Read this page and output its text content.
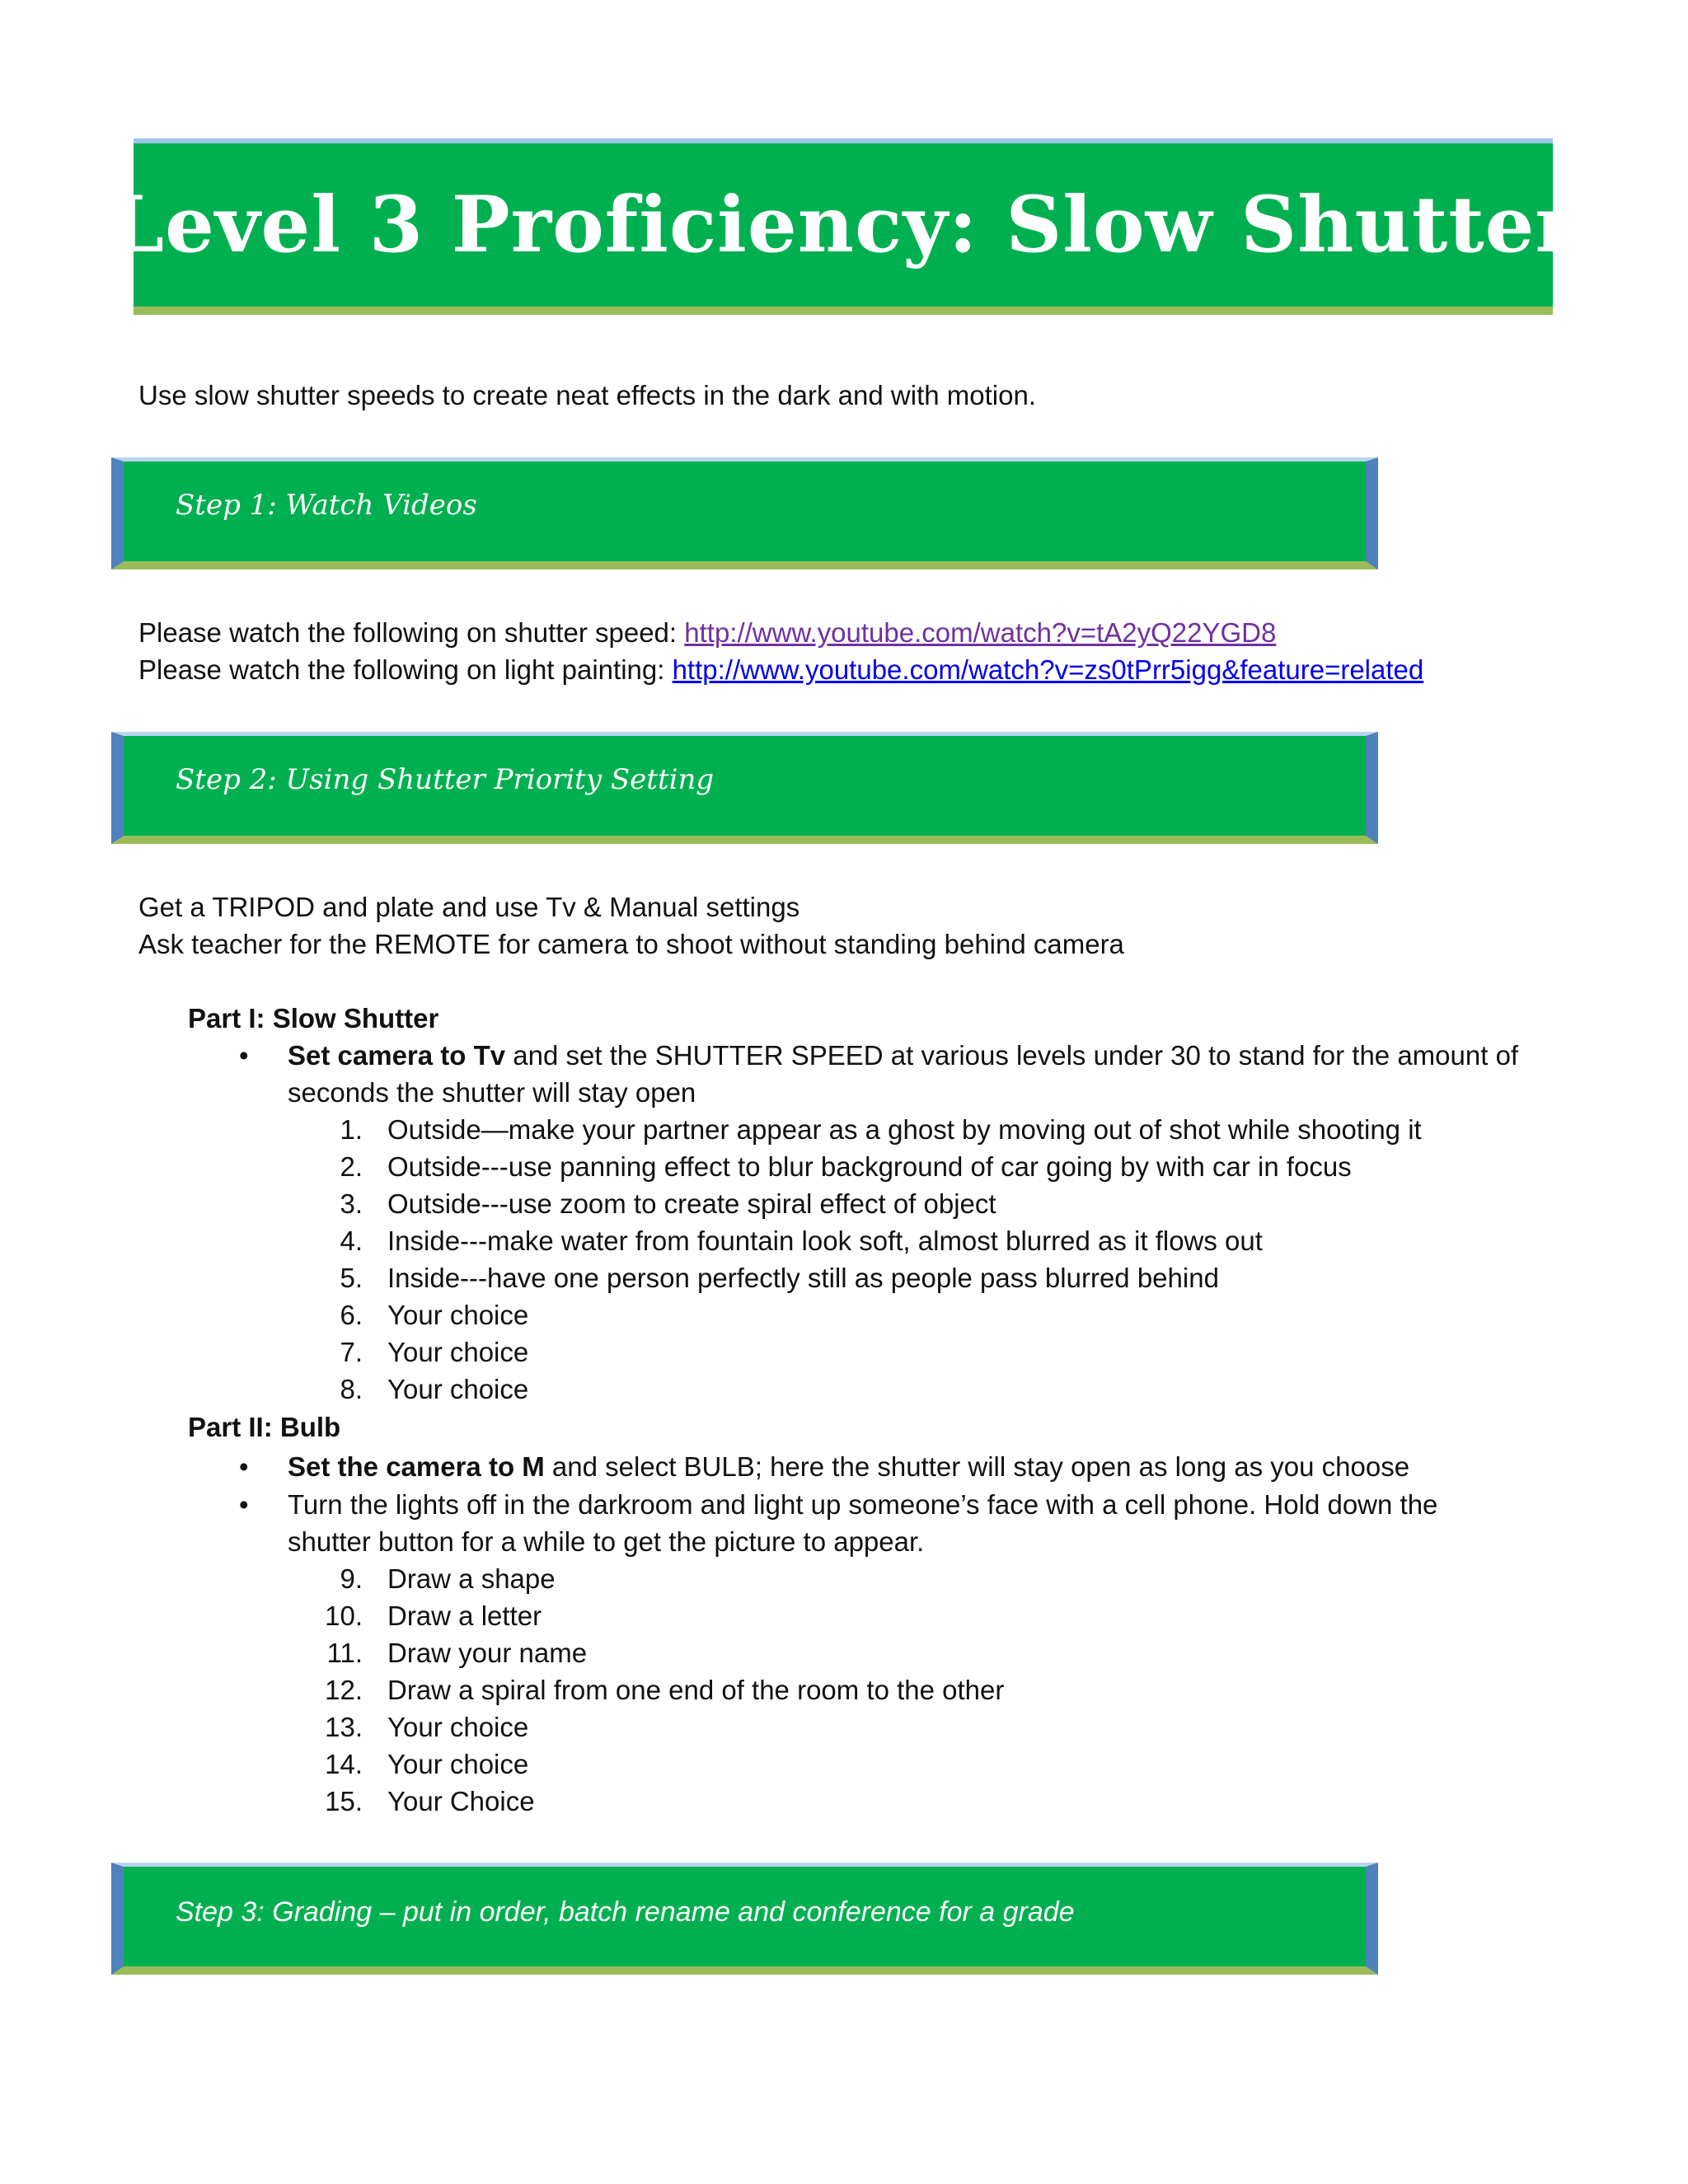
Level 3 Proficiency: Slow Shutter
Use slow shutter speeds to create neat effects in the dark and with motion.
Step 1: Watch Videos
Please watch the following on shutter speed: http://www.youtube.com/watch?v=tA2yQ22YGD8
Please watch the following on light painting: http://www.youtube.com/watch?v=zs0tPrr5igg&feature=related
Step 2: Using Shutter Priority Setting
Get a TRIPOD and plate and use Tv & Manual settings
Ask teacher for the REMOTE for camera to shoot without standing behind camera
Part I: Slow Shutter
• Set camera to Tv and set the SHUTTER SPEED at various levels under 30 to stand for the amount of
seconds the shutter will stay open
1. Outside—make your partner appear as a ghost by moving out of shot while shooting it
2. Outside---use panning effect to blur background of car going by with car in focus
3. Outside---use zoom to create spiral effect of object
4. Inside---make water from fountain look soft, almost blurred as it flows out
5. Inside---have one person perfectly still as people pass blurred behind
6. Your choice
7. Your choice
8. Your choice
Part II: Bulb
• Set the camera to M and select BULB; here the shutter will stay open as long as you choose
• Turn the lights off in the darkroom and light up someone’s face with a cell phone. Hold down the
shutter button for a while to get the picture to appear.
9. Draw a shape
10. Draw a letter
11. Draw your name
12. Draw a spiral from one end of the room to the other
13. Your choice
14. Your choice
15. Your Choice
Step 3: Grading – put in order, batch rename and conference for a grade
